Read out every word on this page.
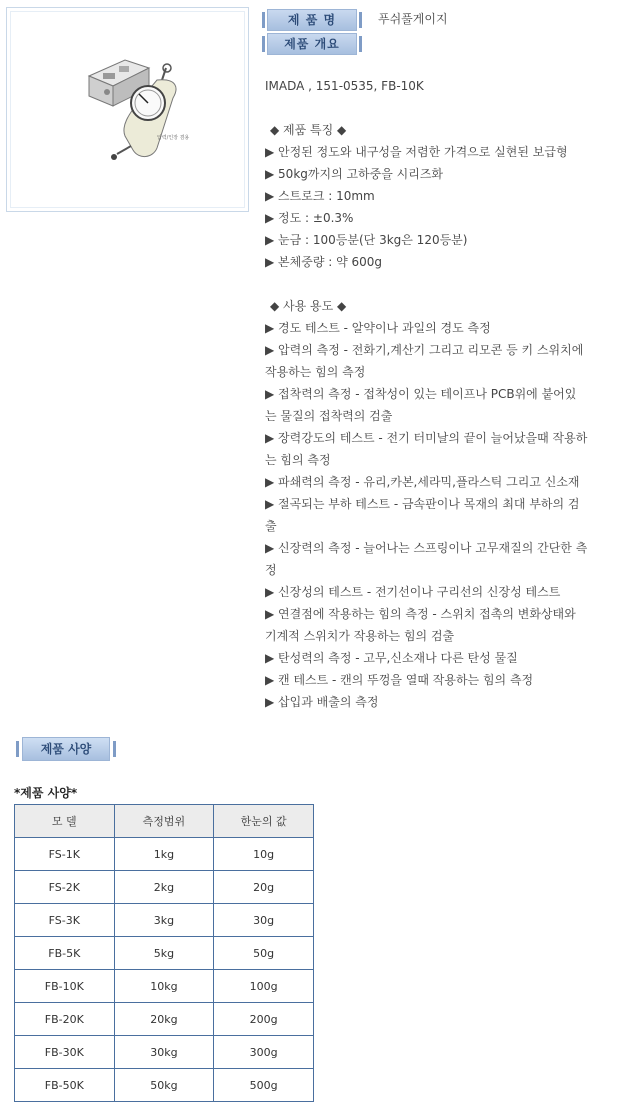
압력/인장 겸용
제 품 명	푸쉬풀게이지
제품 개요
IMADA , 151-0535, FB-10K
◆ 제품 특징 ◆
▶ 안정된 정도와 내구성을 저렴한 가격으로 실현된 보급형
▶ 50kg까지의 고하중을 시리즈화
▶ 스트로크 : 10mm
▶ 정도 : ±0.3%
▶ 눈금 : 100등분(단 3kg은 120등분)
▶ 본체중량 : 약 600g
◆ 사용 용도 ◆
▶ 경도 테스트 - 알약이나 과일의 경도 측정
▶ 압력의 측정 - 전화기,계산기 그리고 리모콘 등 키 스위치에
작용하는 힘의 측정
▶ 접착력의 측정 - 접착성이 있는 테이프나 PCB위에 붙어있
는 물질의 접착력의 검출
▶ 장력강도의 테스트 - 전기 터미날의 끝이 늘어났을때 작용하
는 힘의 측정
▶ 파쇄력의 측정 - 유리,카본,세라믹,플라스틱 그리고 신소재
▶ 절곡되는 부하 테스트 - 금속판이나 목재의 최대 부하의 검
출
▶ 신장력의 측정 - 늘어나는 스프링이나 고무재질의 간단한 측
정
▶ 신장성의 테스트 - 전기선이나 구리선의 신장성 테스트
▶ 연결점에 작용하는 힘의 측정 - 스위치 접촉의 변화상태와
기계적 스위치가 작용하는 힘의 검출
▶ 탄성력의 측정 - 고무,신소재나 다른 탄성 물질
▶ 캔 테스트 - 캔의 뚜껑을 열때 작용하는 힘의 측정
▶ 삽입과 배출의 측정
제품 사양
*제품 사양*
모 델	측정범위	한눈의 값
FS-1K	1kg	10g
FS-2K	2kg	20g
FS-3K	3kg	30g
FB-5K	5kg	50g
FB-10K	10kg	100g
FB-20K	20kg	200g
FB-30K	30kg	300g
FB-50K	50kg	500g
